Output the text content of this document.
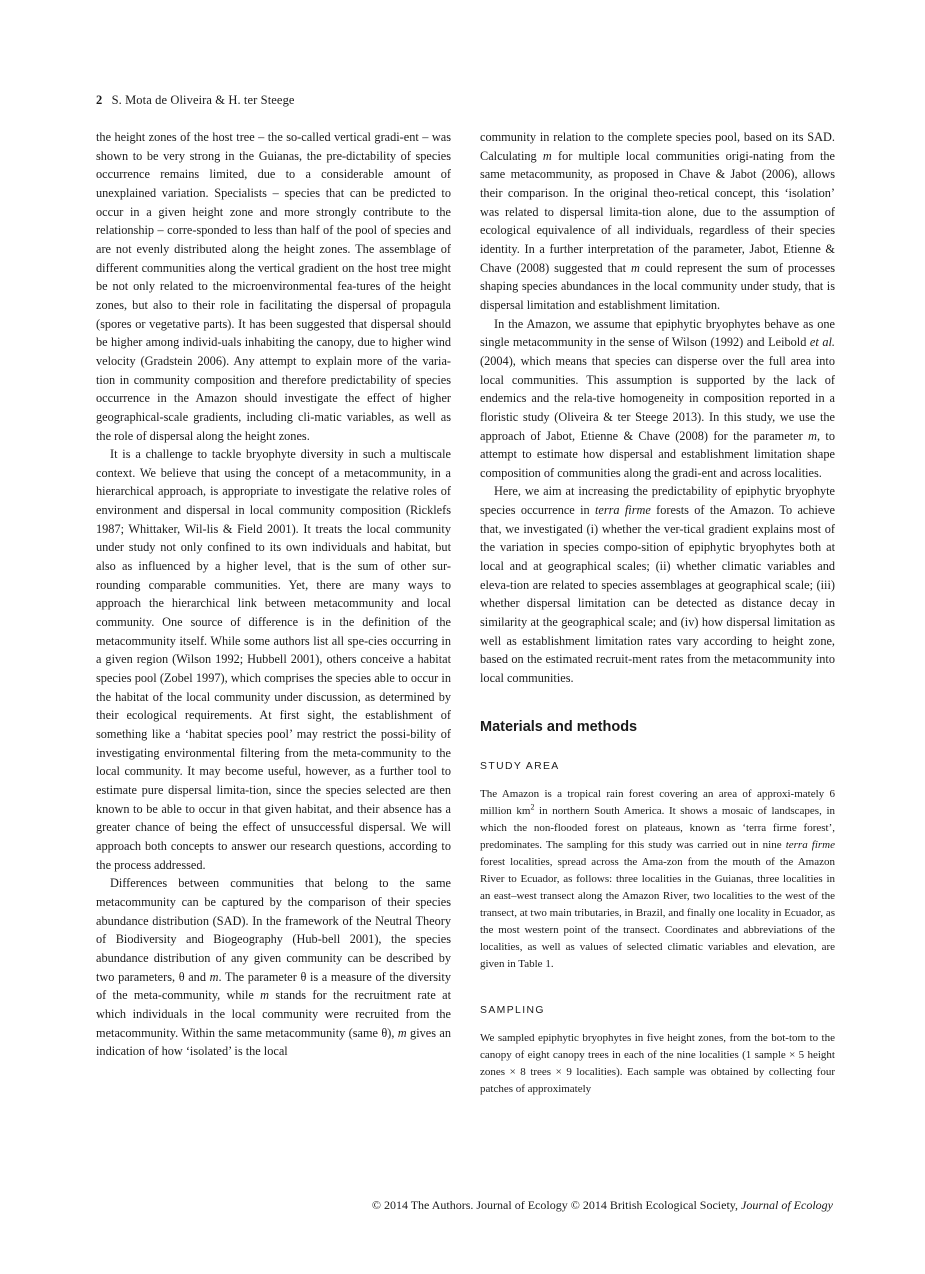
2 S. Mota de Oliveira & H. ter Steege

the height zones of the host tree – the so-called vertical gradi-ent – was shown to be very strong in the Guianas, the pre-dictability of species occurrence remains limited, due to a considerable amount of unexplained variation. Specialists – species that can be predicted to occur in a given height zone and more strongly contribute to the relationship – corre-sponded to less than half of the pool of species and are not evenly distributed along the height zones. The assemblage of different communities along the vertical gradient on the host tree might be not only related to the microenvironmental fea-tures of the height zones, but also to their role in facilitating the dispersal of propagula (spores or vegetative parts). It has been suggested that dispersal should be higher among individ-uals inhabiting the canopy, due to higher wind velocity (Gradstein 2006). Any attempt to explain more of the varia-tion in community composition and therefore predictability of species occurrence in the Amazon should investigate the effect of higher geographical-scale gradients, including cli-matic variables, as well as the role of dispersal along the height zones.

It is a challenge to tackle bryophyte diversity in such a multiscale context. We believe that using the concept of a metacommunity, in a hierarchical approach, is appropriate to investigate the relative roles of environment and dispersal in local community composition (Ricklefs 1987; Whittaker, Wil-lis & Field 2001). It treats the local community under study not only confined to its own individuals and habitat, but also as influenced by a higher level, that is the sum of other sur-rounding comparable communities. Yet, there are many ways to approach the hierarchical link between metacommunity and local community. One source of difference is in the definition of the metacommunity itself. While some authors list all spe-cies occurring in a given region (Wilson 1992; Hubbell 2001), others conceive a habitat species pool (Zobel 1997), which comprises the species able to occur in the habitat of the local community under discussion, as determined by their ecological requirements. At first sight, the establishment of something like a ‘habitat species pool’ may restrict the possi-bility of investigating environmental filtering from the meta-community to the local community. It may become useful, however, as a further tool to estimate pure dispersal limita-tion, since the species selected are then known to be able to occur in that given habitat, and their absence has a greater chance of being the effect of unsuccessful dispersal. We will approach both concepts to answer our research questions, according to the process addressed.

Differences between communities that belong to the same metacommunity can be captured by the comparison of their species abundance distribution (SAD). In the framework of the Neutral Theory of Biodiversity and Biogeography (Hub-bell 2001), the species abundance distribution of any given community can be described by two parameters, θ and m. The parameter θ is a measure of the diversity of the meta-community, while m stands for the recruitment rate at which individuals in the local community were recruited from the metacommunity. Within the same metacommunity (same θ), m gives an indication of how ‘isolated’ is the local

community in relation to the complete species pool, based on its SAD. Calculating m for multiple local communities origi-nating from the same metacommunity, as proposed in Chave & Jabot (2006), allows their comparison. In the original theo-retical concept, this ‘isolation’ was related to dispersal limita-tion alone, due to the assumption of ecological equivalence of all individuals, regardless of their species identity. In a further interpretation of the parameter, Jabot, Etienne & Chave (2008) suggested that m could represent the sum of processes shaping species abundances in the local community under study, that is dispersal limitation and establishment limitation.

In the Amazon, we assume that epiphytic bryophytes behave as one single metacommunity in the sense of Wilson (1992) and Leibold et al. (2004), which means that species can disperse over the full area into local communities. This assumption is supported by the lack of endemics and the rela-tive homogeneity in composition reported in a floristic study (Oliveira & ter Steege 2013). In this study, we use the approach of Jabot, Etienne & Chave (2008) for the parameter m, to attempt to estimate how dispersal and establishment limitation shape composition of communities along the gradi-ent and across localities.

Here, we aim at increasing the predictability of epiphytic bryophyte species occurrence in terra firme forests of the Amazon. To achieve that, we investigated (i) whether the ver-tical gradient explains most of the variation in species compo-sition of epiphytic bryophytes both at local and at geographical scales; (ii) whether climatic variables and eleva-tion are related to species assemblages at geographical scale; (iii) whether dispersal limitation can be detected as distance decay in similarity at the geographical scale; and (iv) how dispersal limitation as well as establishment limitation rates vary according to height zone, based on the estimated recruit-ment rates from the metacommunity into local communities.

Materials and methods
STUDY AREA

The Amazon is a tropical rain forest covering an area of approxi-mately 6 million $km^2$ in northern South America. It shows a mosaic of landscapes, in which the non-flooded forest on plateaus, known as ‘terra firme forest’, predominates. The sampling for this study was carried out in nine terra firme forest localities, spread across the Ama-zon from the mouth of the Amazon River to Ecuador, as follows: three localities in the Guianas, three localities in an east–west transect along the Amazon River, two localities to the west of the transect, at two main tributaries, in Brazil, and finally one locality in Ecuador, as the most western point of the transect. Coordinates and abbreviations of the localities, as well as values of selected climatic variables and elevation, are given in Table 1.

SAMPLING

We sampled epiphytic bryophytes in five height zones, from the bot-tom to the canopy of eight canopy trees in each of the nine localities (1 sample × 5 height zones × 8 trees × 9 localities). Each sample was obtained by collecting four patches of approximately

© 2014 The Authors. Journal of Ecology © 2014 British Ecological Society, Journal of Ecology
